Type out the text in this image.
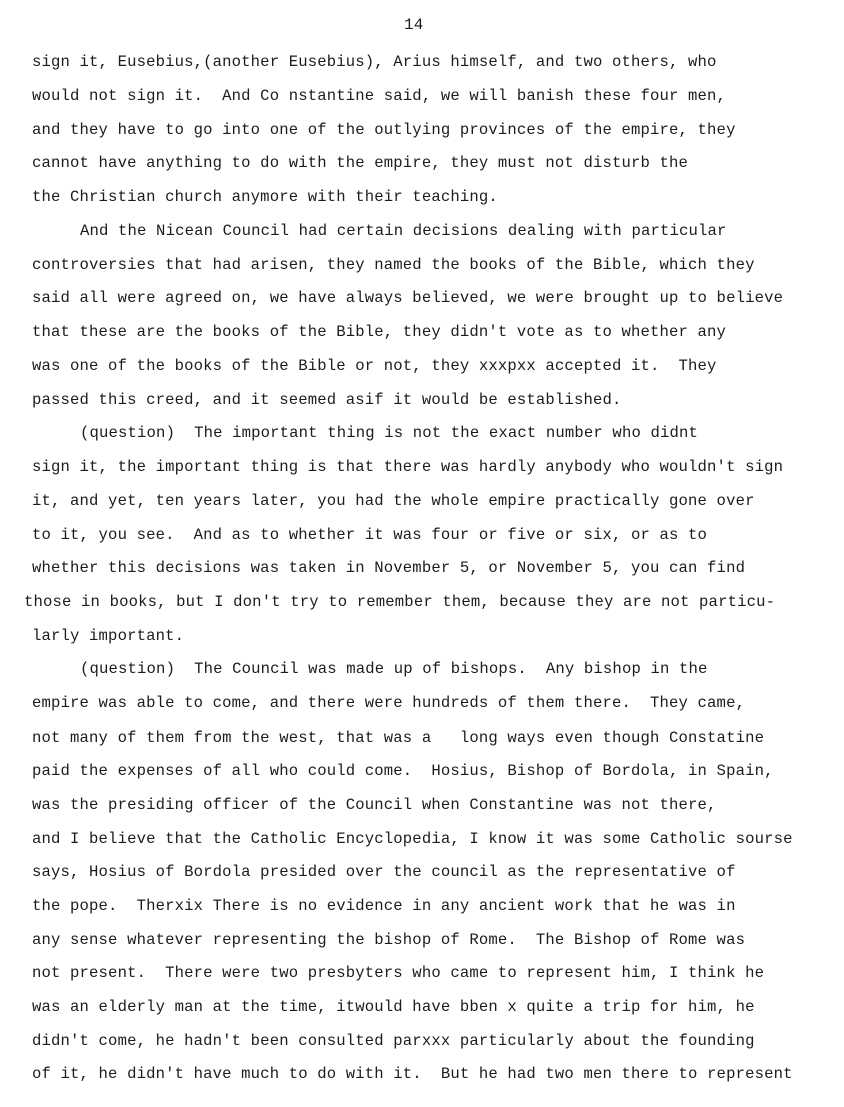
14
sign it, Eusebius,(another Eusebius), Arius himself, and two others, who
would not sign it.  And Co nstantine said, we will banish these four men,
and they have to go into one of the outlying provinces of the empire, they
cannot have anything to do with the empire, they must not disturb the
the Christian church anymore with their teaching.
And the Nicean Council had certain decisions dealing with particular
controversies that had arisen, they named the books of the Bible, which they
said all were agreed on, we have always believed, we were brought up to believe
that these are the books of the Bible, they didn't vote as to whether any
was one of the books of the Bible or not, they xxxpxx accepted it.  They
passed this creed, and it seemed asif it would be established.
(question)  The important thing is not the exact number who didnt
sign it, the important thing is that there was hardly anybody who wouldn't sign
it, and yet, ten years later, you had the whole empire practically gone over
to it, you see.  And as to whether it was four or five or six, or as to
whether this decisions was taken in November 5, or November 5, you can find
those in books, but I don't try to remember them, because they are not particu-
larly important.
(question)  The Council was made up of bishops.  Any bishop in the
empire was able to come, and there were hundreds of them there.  They came,
not many of them from the west, that was a   long ways even though Constatine
paid the expenses of all who could come.  Hosius, Bishop of Bordola, in Spain,
was the presiding officer of the Council when Constantine was not there,
and I believe that the Catholic Encyclopedia, I know it was some Catholic sourse
says, Hosius of Bordola presided over the council as the representative of
the pope.  Therxix There is no evidence in any ancient work that he was in
any sense whatever representing the bishop of Rome.  The Bishop of Rome was
not present.  There were two presbyters who came to represent him, I think he
was an elderly man at the time, itwould have bben x quite a trip for him, he
didn't come, he hadn't been consulted parxxx particularly about the founding
of it, he didn't have much to do with it.  But he had two men there to represent
